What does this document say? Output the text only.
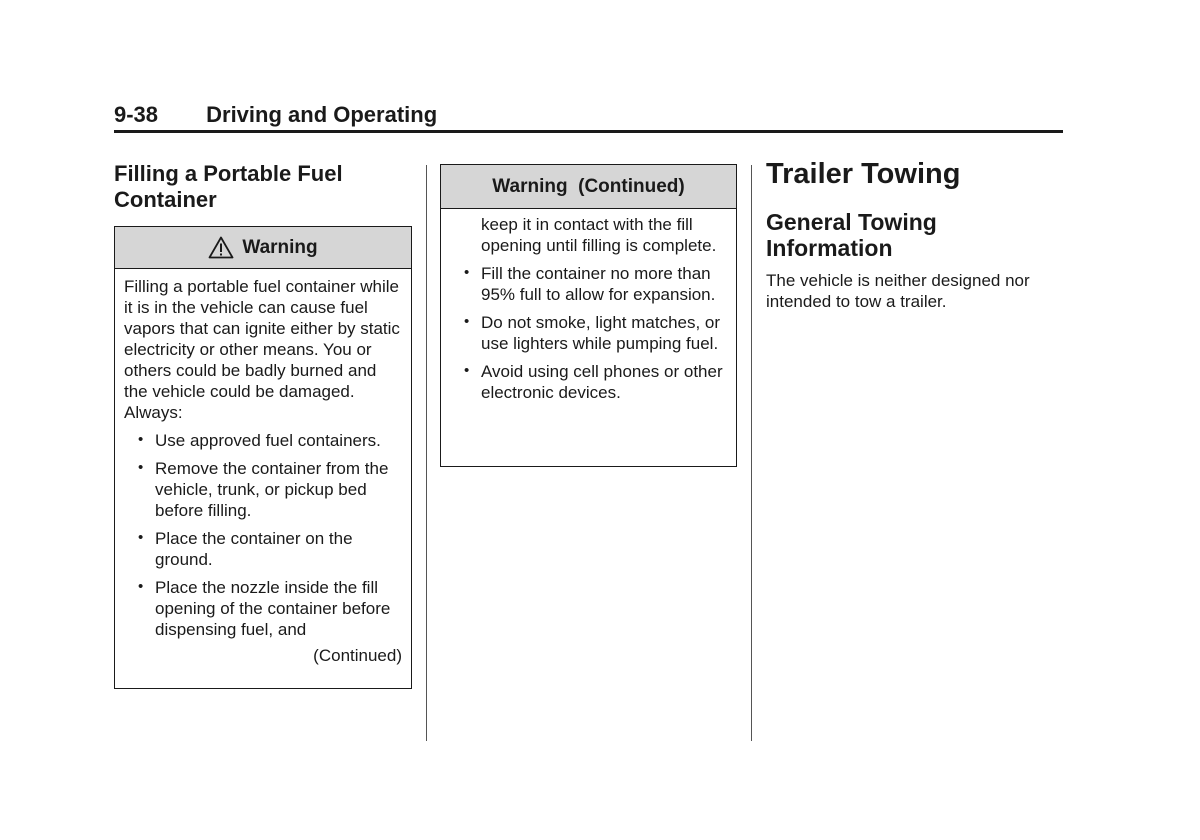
9-38 Driving and Operating
Filling a Portable Fuel Container
Warning

Filling a portable fuel container while it is in the vehicle can cause fuel vapors that can ignite either by static electricity or other means. You or others could be badly burned and the vehicle could be damaged. Always:

• Use approved fuel containers.
• Remove the container from the vehicle, trunk, or pickup bed before filling.
• Place the container on the ground.
• Place the nozzle inside the fill opening of the container before dispensing fuel, and
(Continued)
Warning  (Continued)

keep it in contact with the fill opening until filling is complete.

• Fill the container no more than 95% full to allow for expansion.
• Do not smoke, light matches, or use lighters while pumping fuel.
• Avoid using cell phones or other electronic devices.
Trailer Towing
General Towing Information

The vehicle is neither designed nor intended to tow a trailer.
